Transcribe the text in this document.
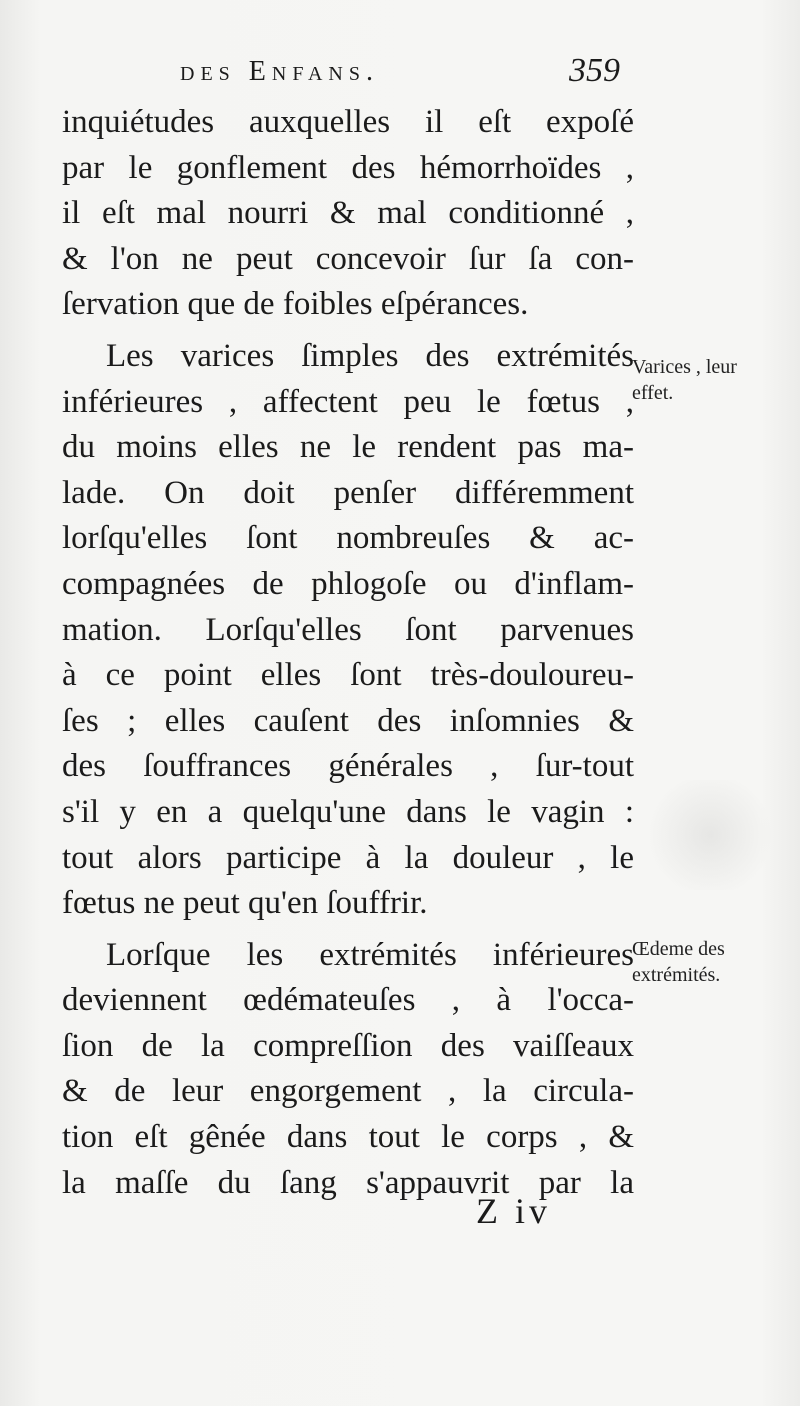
des Enfans.	359
inquiétudes auxquelles il eſt expoſé
par le gonflement des hémorrhoïdes ,
il eſt mal nourri & mal conditionné ,
& l'on ne peut concevoir ſur ſa con-
ſervation que de foibles eſpérances.
Les varices ſimples des extrémités
inférieures , affectent peu le fœtus ,
du moins elles ne le rendent pas ma-
lade. On doit penſer différemment
lorſqu'elles ſont nombreuſes & ac-
compagnées de phlogoſe ou d'inflam-
mation. Lorſqu'elles ſont parvenues
à ce point elles ſont très-douloureu-
ſes ; elles cauſent des inſomnies &
des ſouffrances générales , ſur-tout
s'il y en a quelqu'une dans le vagin :
tout alors participe à la douleur , le
fœtus ne peut qu'en ſouffrir.
Lorſque les extrémités inférieures
deviennent œdémateuſes , à l'occa-
ſion de la compreſſion des vaiſſeaux
& de leur engorgement , la circula-
tion eſt gênée dans tout le corps , &
la maſſe du ſang s'appauvrit par la
Varices , leur
effet.
Œdeme des
extrémités.
Z iv
